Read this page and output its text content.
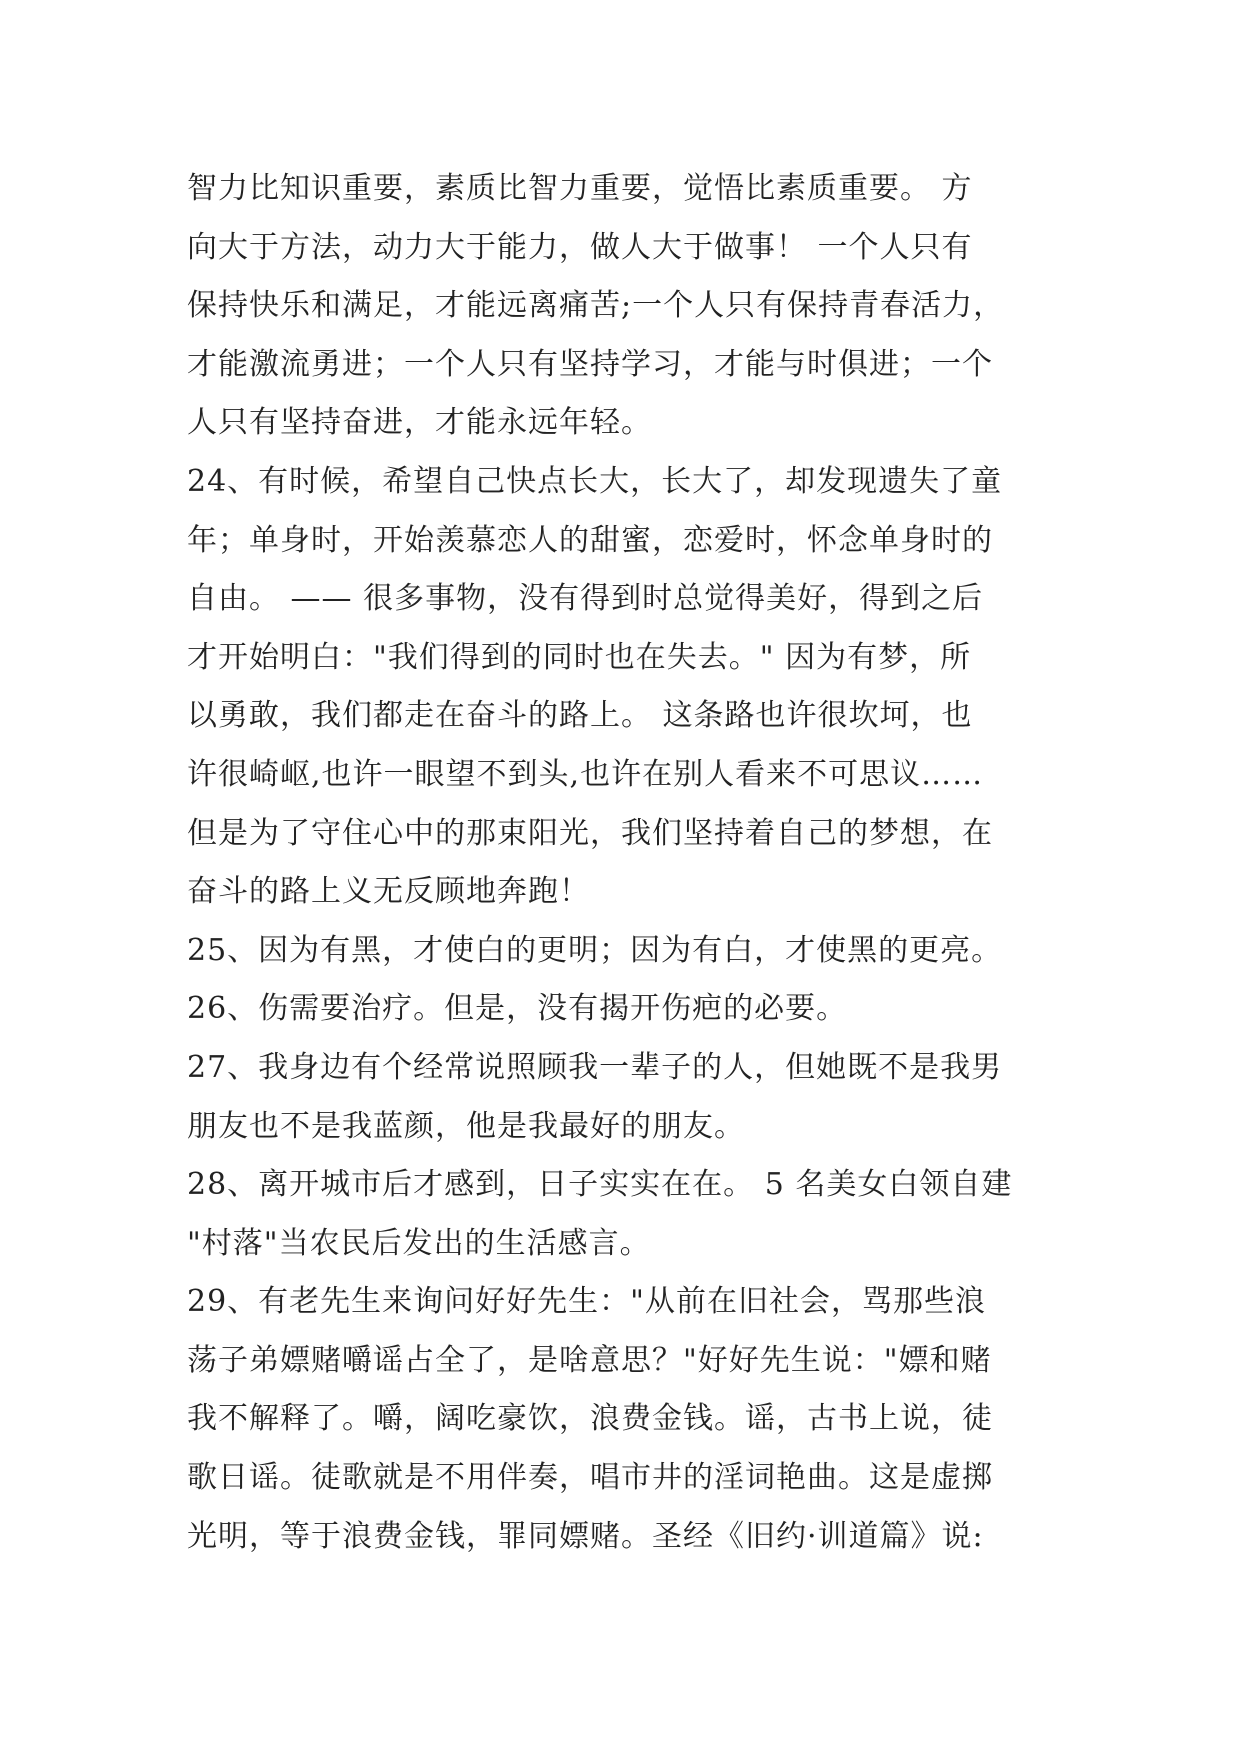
智力比知识重要，素质比智力重要，觉悟比素质重要。 方
向大于方法，动力大于能力，做人大于做事！ 一个人只有
保持快乐和满足，才能远离痛苦;一个人只有保持青春活力，
才能激流勇进；一个人只有坚持学习，才能与时俱进；一个
人只有坚持奋进，才能永远年轻。
24、有时候，希望自己快点长大，长大了，却发现遗失了童
年；单身时，开始羡慕恋人的甜蜜，恋爱时，怀念单身时的
自由。 —— 很多事物，没有得到时总觉得美好，得到之后
才开始明白："我们得到的同时也在失去。" 因为有梦，所
以勇敢，我们都走在奋斗的路上。 这条路也许很坎坷，也
许很崎岖,也许一眼望不到头,也许在别人看来不可思议……
但是为了守住心中的那束阳光，我们坚持着自己的梦想，在
奋斗的路上义无反顾地奔跑！
25、因为有黑，才使白的更明；因为有白，才使黑的更亮。
26、伤需要治疗。但是，没有揭开伤疤的必要。
27、我身边有个经常说照顾我一辈子的人，但她既不是我男
朋友也不是我蓝颜，他是我最好的朋友。
28、离开城市后才感到，日子实实在在。 5 名美女白领自建
"村落"当农民后发出的生活感言。
29、有老先生来询问好好先生："从前在旧社会，骂那些浪
荡子弟嫖赌嚼谣占全了，是啥意思？"好好先生说："嫖和赌
我不解释了。嚼，阔吃豪饮，浪费金钱。谣，古书上说，徒
歌日谣。徒歌就是不用伴奏，唱市井的淫词艳曲。这是虚掷
光明，等于浪费金钱，罪同嫖赌。圣经《旧约·训道篇》说:
